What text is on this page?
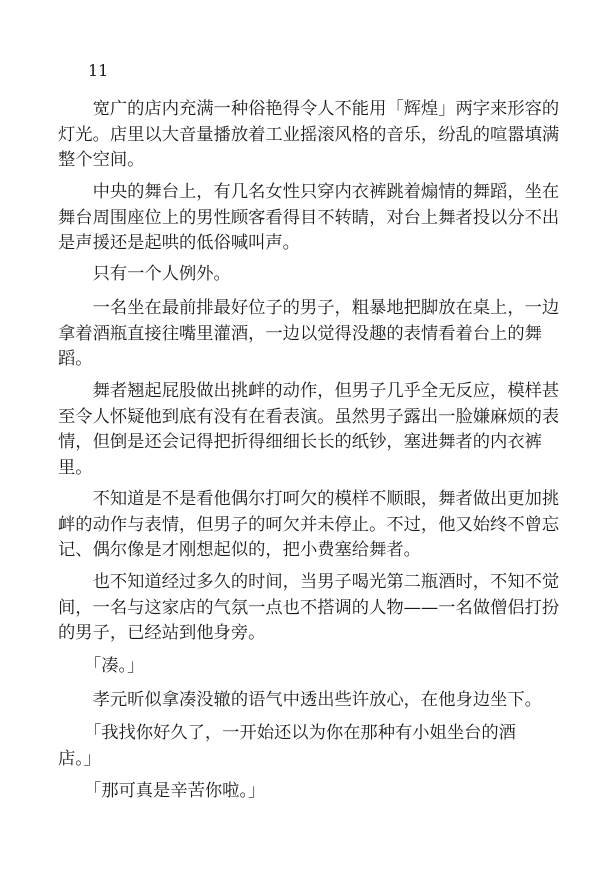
11
　　宽广的店内充满一种俗艳得令人不能用「辉煌」两字来形容的
灯光。店里以大音量播放着工业摇滚风格的音乐，纷乱的喧嚣填满
整个空间。
　　中央的舞台上，有几名女性只穿内衣裤跳着煽情的舞蹈，坐在
舞台周围座位上的男性顾客看得目不转睛，对台上舞者投以分不出
是声援还是起哄的低俗喊叫声。
　　只有一个人例外。
　　一名坐在最前排最好位子的男子，粗暴地把脚放在桌上，一边
拿着酒瓶直接往嘴里灌酒，一边以觉得没趣的表情看着台上的舞
蹈。
　　舞者翘起屁股做出挑衅的动作，但男子几乎全无反应，模样甚
至令人怀疑他到底有没有在看表演。虽然男子露出一脸嫌麻烦的表
情，但倒是还会记得把折得细细长长的纸钞，塞进舞者的内衣裤
里。
　　不知道是不是看他偶尔打呵欠的模样不顺眼，舞者做出更加挑
衅的动作与表情，但男子的呵欠并未停止。不过，他又始终不曾忘
记、偶尔像是才刚想起似的，把小费塞给舞者。
　　也不知道经过多久的时间，当男子喝光第二瓶酒时，不知不觉
间，一名与这家店的气氛一点也不搭调的人物——一名做僧侣打扮
的男子，已经站到他身旁。
　　「凑。」
　　孝元昕似拿凑没辙的语气中透出些许放心，在他身边坐下。
　　「我找你好久了，一开始还以为你在那种有小姐坐台的酒
店。」
　　「那可真是辛苦你啦。」
